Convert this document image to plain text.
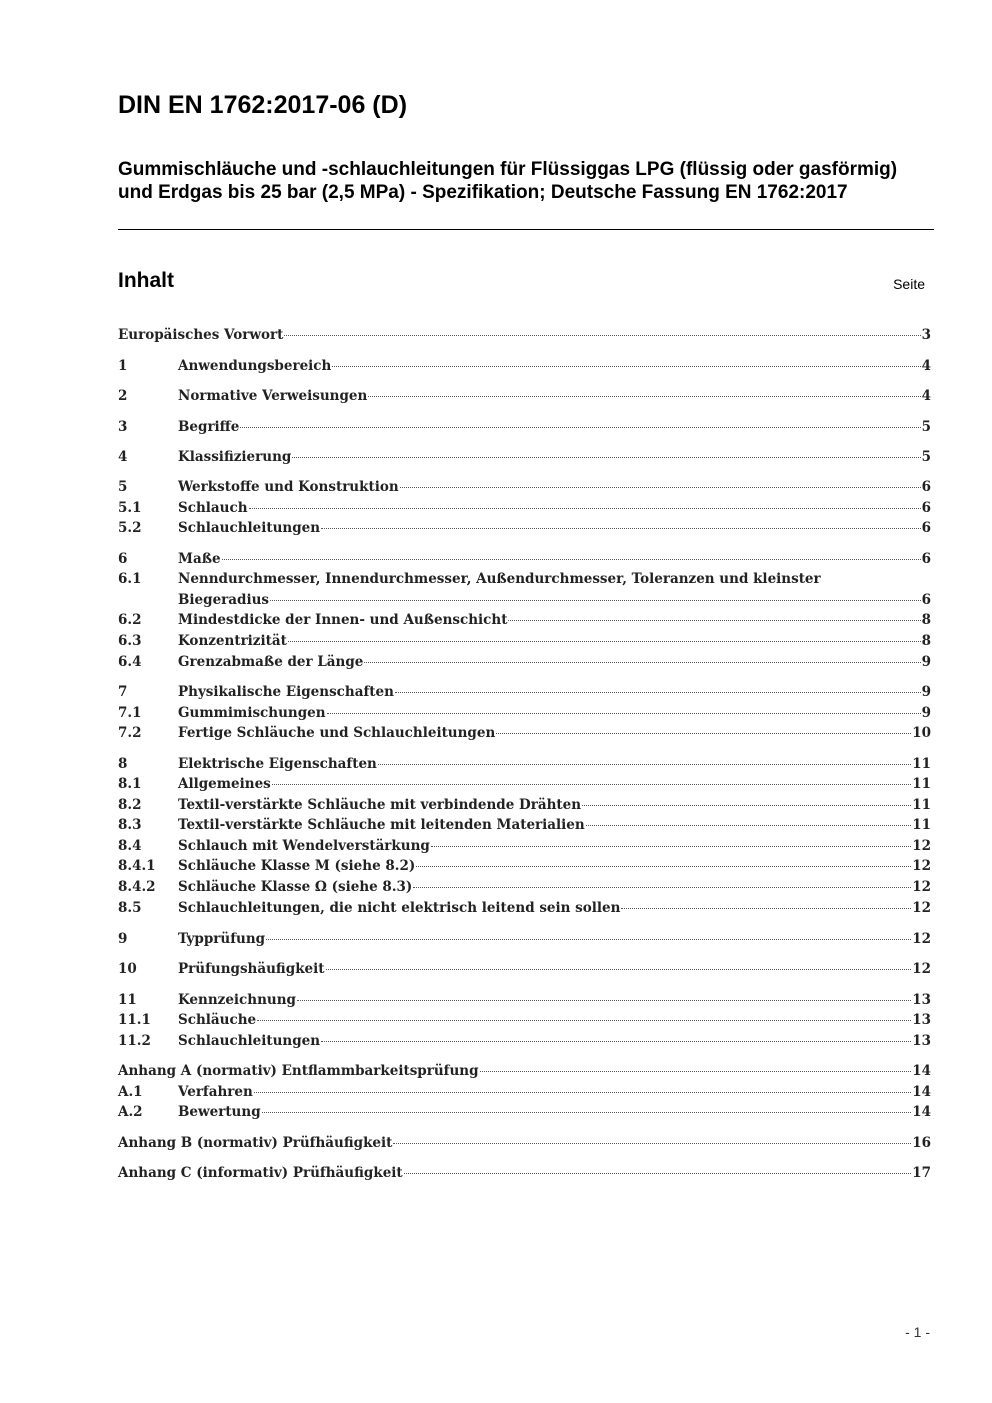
DIN EN 1762:2017-06 (D)
Gummischläuche und -schlauchleitungen für Flüssiggas LPG (flüssig oder gasförmig) und Erdgas bis 25 bar (2,5 MPa) - Spezifikation; Deutsche Fassung EN 1762:2017
Inhalt	Seite
Europäisches Vorwort	3
1	Anwendungsbereich	4
2	Normative Verweisungen	4
3	Begriffe	5
4	Klassifizierung	5
5	Werkstoffe und Konstruktion	6
5.1	Schlauch	6
5.2	Schlauchleitungen	6
6	Maße	6
6.1	Nenndurchmesser, Innendurchmesser, Außendurchmesser, Toleranzen und kleinster
Biegeradius	6
6.2	Mindestdicke der Innen- und Außenschicht	8
6.3	Konzentrizität	8
6.4	Grenzabmaße der Länge	9
7	Physikalische Eigenschaften	9
7.1	Gummimischungen	9
7.2	Fertige Schläuche und Schlauchleitungen	10
8	Elektrische Eigenschaften	11
8.1	Allgemeines	11
8.2	Textil-verstärkte Schläuche mit verbindende Drähten	11
8.3	Textil-verstärkte Schläuche mit leitenden Materialien	11
8.4	Schlauch mit Wendelverstärkung	12
8.4.1 Schläuche Klasse M (siehe 8.2)	12
8.4.2 Schläuche Klasse Ω (siehe 8.3)	12
8.5	Schlauchleitungen, die nicht elektrisch leitend sein sollen	12
9	Typprüfung	12
10	Prüfungshäufigkeit	12
11	Kennzeichnung	13
11.1 Schläuche	13
11.2 Schlauchleitungen	13
Anhang A (normativ) Entflammbarkeitsprüfung	14
A.1	Verfahren	14
A.2	Bewertung	14
Anhang B (normativ) Prüfhäufigkeit	16
Anhang C (informativ) Prüfhäufigkeit	17
- 1 -
